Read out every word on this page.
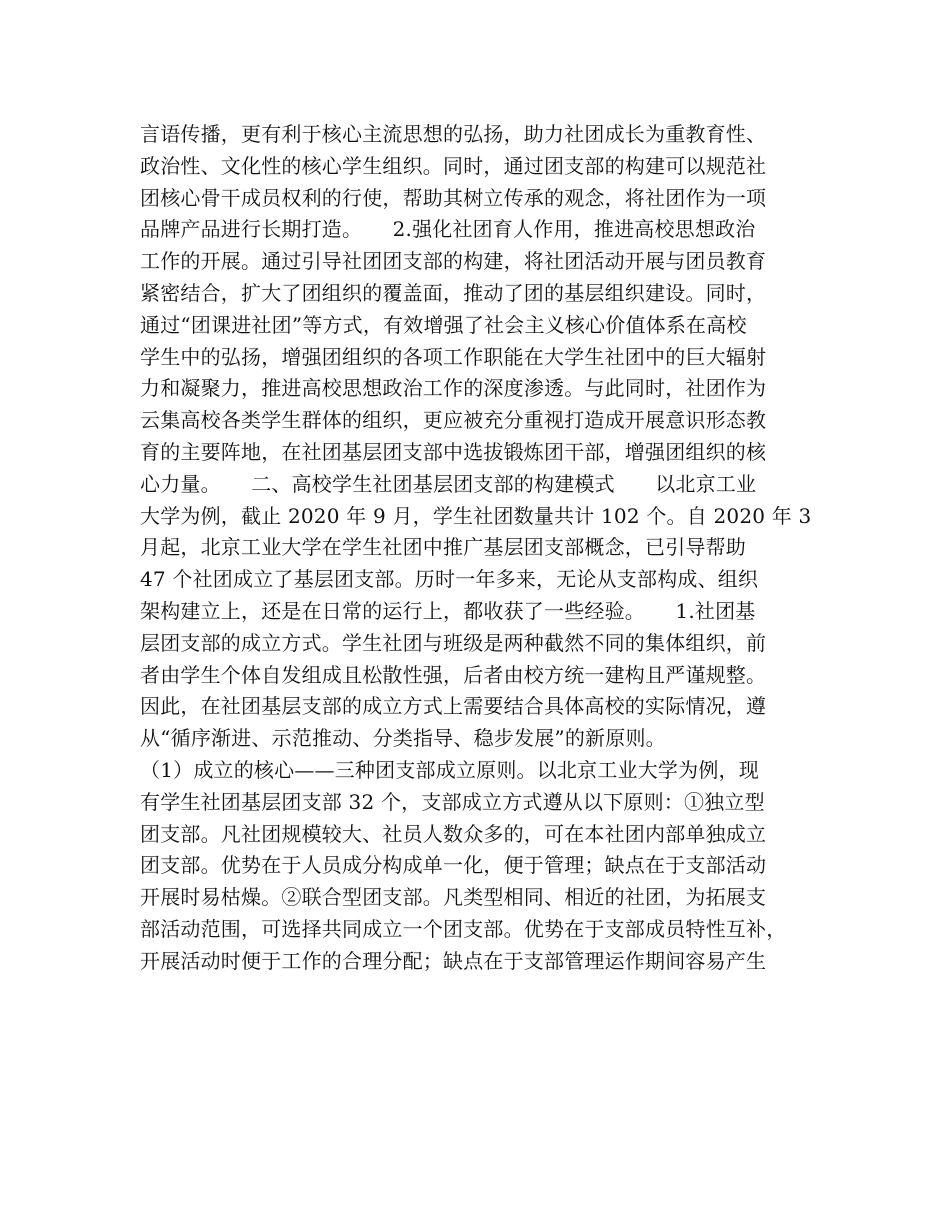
言语传播，更有利于核心主流思想的弘扬，助力社团成长为重教育性、
政治性、文化性的核心学生组织。同时，通过团支部的构建可以规范社
团核心骨干成员权利的行使，帮助其树立传承的观念，将社团作为一项
品牌产品进行长期打造。　　2.强化社团育人作用，推进高校思想政治
工作的开展。通过引导社团团支部的构建，将社团活动开展与团员教育
紧密结合，扩大了团组织的覆盖面，推动了团的基层组织建设。同时，
通过“团课进社团”等方式，有效增强了社会主义核心价值体系在高校
学生中的弘扬，增强团组织的各项工作职能在大学生社团中的巨大辐射
力和凝聚力，推进高校思想政治工作的深度渗透。与此同时，社团作为
云集高校各类学生群体的组织，更应被充分重视打造成开展意识形态教
育的主要阵地，在社团基层团支部中选拔锻炼团干部，增强团组织的核
心力量。　　二、高校学生社团基层团支部的构建模式　　以北京工业
大学为例，截止 2020 年 9 月，学生社团数量共计 102 个。自 2020 年 3
月起，北京工业大学在学生社团中推广基层团支部概念，已引导帮助
47 个社团成立了基层团支部。历时一年多来，无论从支部构成、组织
架构建立上，还是在日常的运行上，都收获了一些经验。　　1.社团基
层团支部的成立方式。学生社团与班级是两种截然不同的集体组织，前
者由学生个体自发组成且松散性强，后者由校方统一建构且严谨规整。
因此，在社团基层支部的成立方式上需要结合具体高校的实际情况，遵
从“循序渐进、示范推动、分类指导、稳步发展”的新原则。
（1）成立的核心——三种团支部成立原则。以北京工业大学为例，现
有学生社团基层团支部 32 个，支部成立方式遵从以下原则：①独立型
团支部。凡社团规模较大、社员人数众多的，可在本社团内部单独成立
团支部。优势在于人员成分构成单一化，便于管理；缺点在于支部活动
开展时易枯燥。②联合型团支部。凡类型相同、相近的社团，为拓展支
部活动范围，可选择共同成立一个团支部。优势在于支部成员特性互补，
开展活动时便于工作的合理分配；缺点在于支部管理运作期间容易产生
